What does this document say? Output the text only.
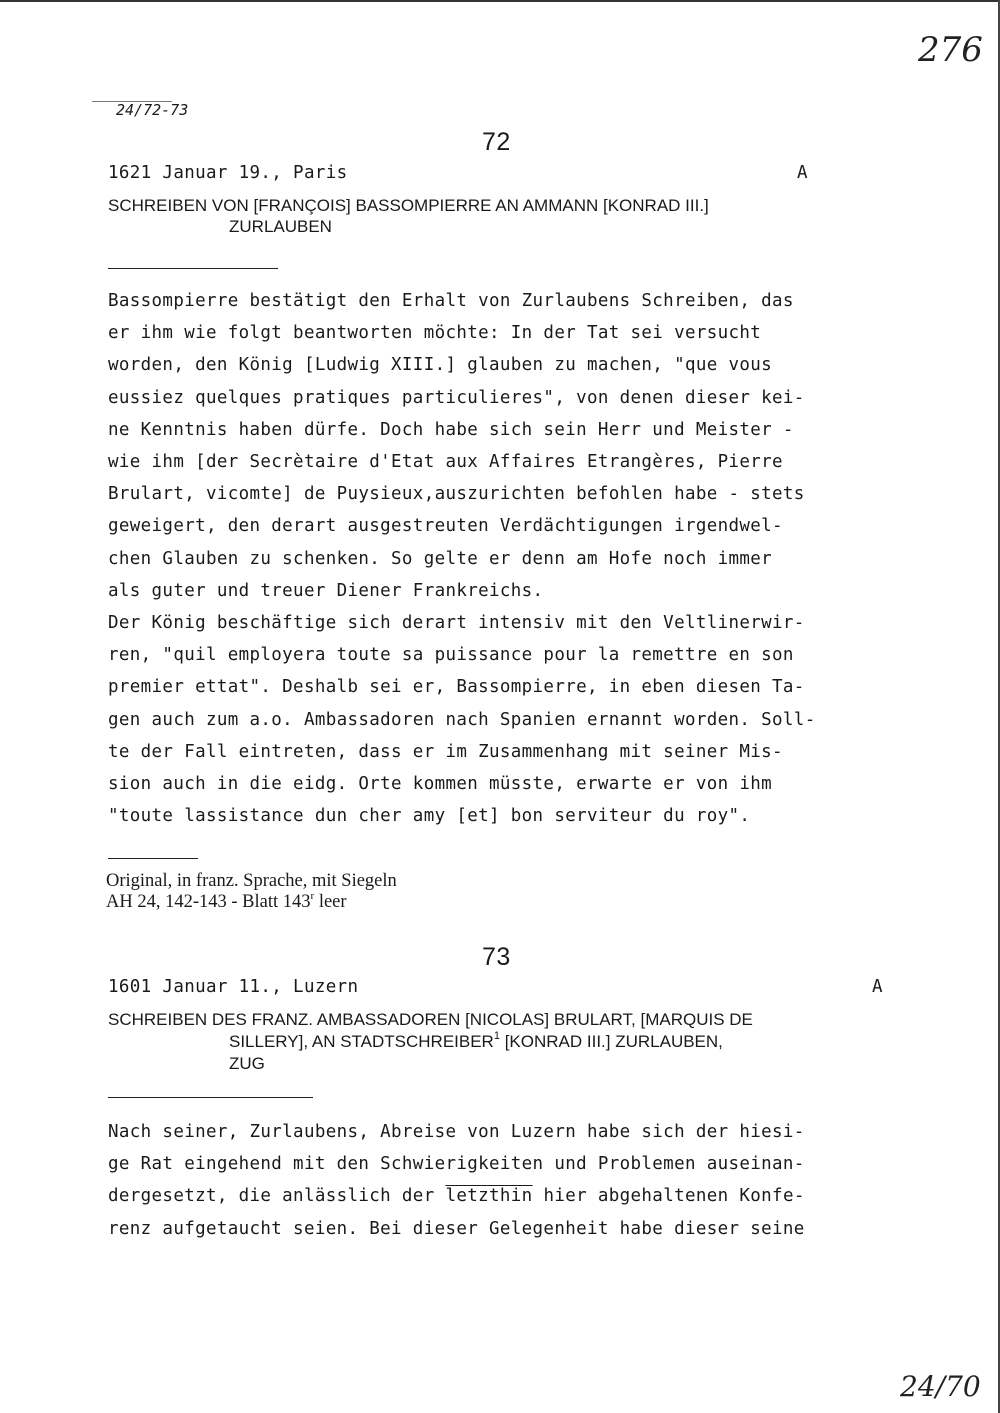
276
24/72-73
72
1621 Januar 19., Paris	A
SCHREIBEN VON [FRANÇOIS] BASSOMPIERRE AN AMMANN [KONRAD III.]
ZURLAUBEN
Bassompierre bestätigt den Erhalt von Zurlaubens Schreiben, das
er ihm wie folgt beantworten möchte: In der Tat sei versucht
worden, den König [Ludwig XIII.] glauben zu machen, "que vous
eussiez quelques pratiques particulieres", von denen dieser kei-
ne Kenntnis haben dürfe. Doch habe sich sein Herr und Meister -
wie ihm [der Secrètaire d'Etat aux Affaires Etrangères, Pierre
Brulart, vicomte] de Puysieux,auszurichten befohlen habe - stets
geweigert, den derart ausgestreuten Verdächtigungen irgendwel-
chen Glauben zu schenken. So gelte er denn am Hofe noch immer
als guter und treuer Diener Frankreichs.
Der König beschäftige sich derart intensiv mit den Veltlinerwir-
ren, "quil employera toute sa puissance pour la remettre en son
premier ettat". Deshalb sei er, Bassompierre, in eben diesen Ta-
gen auch zum a.o. Ambassadoren nach Spanien ernannt worden. Soll-
te der Fall eintreten, dass er im Zusammenhang mit seiner Mis-
sion auch in die eidg. Orte kommen müsste, erwarte er von ihm
"toute lassistance dun cher amy [et] bon serviteur du roy".
Original, in franz. Sprache, mit Siegeln
AH 24, 142-143 - Blatt 143$^r$ leer
73
1601 Januar 11., Luzern	A
SCHREIBEN DES FRANZ. AMBASSADOREN [NICOLAS] BRULART, [MARQUIS DE
SILLERY], AN STADTSCHREIBER$^1$ [KONRAD III.] ZURLAUBEN,
ZUG
Nach seiner, Zurlaubens, Abreise von Luzern habe sich der hiesi-
ge Rat eingehend mit den Schwierigkeiten und Problemen auseinan-
dergesetzt, die anlässlich der letzthin hier abgehaltenen Konfe-
renz aufgetaucht seien. Bei dieser Gelegenheit habe dieser seine
24/70
